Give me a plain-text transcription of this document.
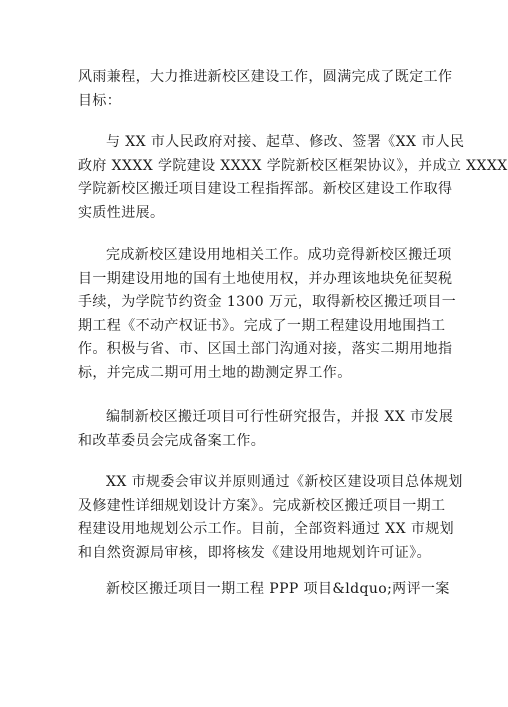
风雨兼程，大力推进新校区建设工作，圆满完成了既定工作
目标：

与 XX 市人民政府对接、起草、修改、签署《XX 市人民
政府 XXXX 学院建设 XXXX 学院新校区框架协议》，并成立 XXXX
学院新校区搬迁项目建设工程指挥部。新校区建设工作取得
实质性进展。

完成新校区建设用地相关工作。成功竞得新校区搬迁项
目一期建设用地的国有土地使用权，并办理该地块免征契税
手续，为学院节约资金 1300 万元，取得新校区搬迁项目一
期工程《不动产权证书》。完成了一期工程建设用地围挡工
作。积极与省、市、区国土部门沟通对接，落实二期用地指
标，并完成二期可用土地的勘测定界工作。

编制新校区搬迁项目可行性研究报告，并报 XX 市发展
和改革委员会完成备案工作。

XX 市规委会审议并原则通过《新校区建设项目总体规划
及修建性详细规划设计方案》。完成新校区搬迁项目一期工
程建设用地规划公示工作。目前，全部资料通过 XX 市规划
和自然资源局审核，即将核发《建设用地规划许可证》。

新校区搬迁项目一期工程 PPP 项目&ldquo;两评一案
